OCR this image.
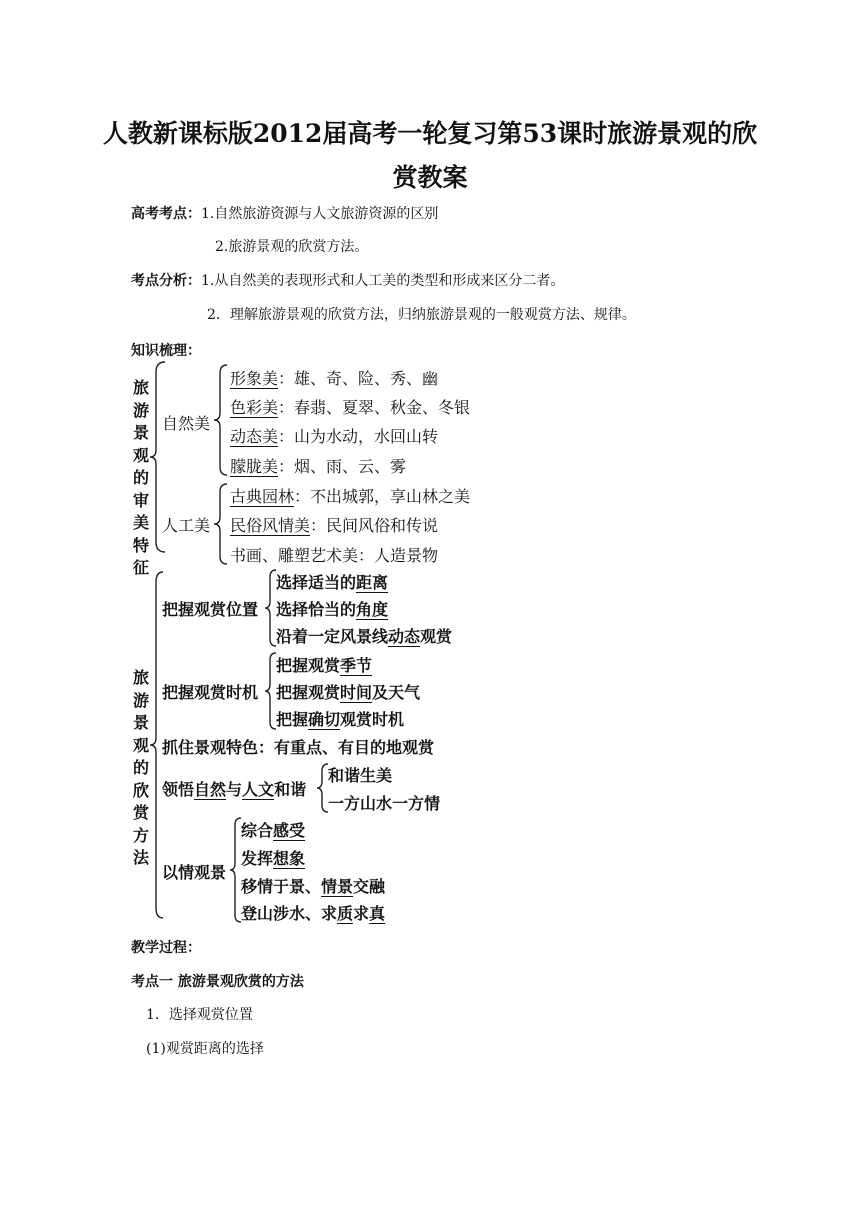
人教新课标版2012届高考一轮复习第53课时旅游景观的欣
赏教案
高考考点：1.自然旅游资源与人文旅游资源的区别
2.旅游景观的欣赏方法。
考点分析：1.从自然美的表现形式和人工美的类型和形成来区分二者。
2．理解旅游景观的欣赏方法，归纳旅游景观的一般观赏方法、规律。
知识梳理：
旅游景观的审美特征
自然美
形象美：雄、奇、险、秀、幽
色彩美：春翡、夏翠、秋金、冬银
动态美：山为水动，水回山转
朦胧美：烟、雨、云、雾
人工美
古典园林：不出城郭，享山林之美
民俗风情美：民间风俗和传说
书画、雕塑艺术美：人造景物
旅游景观的欣赏方法
把握观赏位置
选择适当的距离
选择恰当的角度
沿着一定风景线动态观赏
把握观赏时机
把握观赏季节
把握观赏时间及天气
把握确切观赏时机
抓住景观特色：有重点、有目的地观赏
领悟自然与人文和谐
和谐生美
一方山水一方情
以情观景
综合感受
发挥想象
移情于景、情景交融
登山涉水、求质求真
教学过程：
考点一 旅游景观欣赏的方法
1．选择观赏位置
(1)观赏距离的选择
